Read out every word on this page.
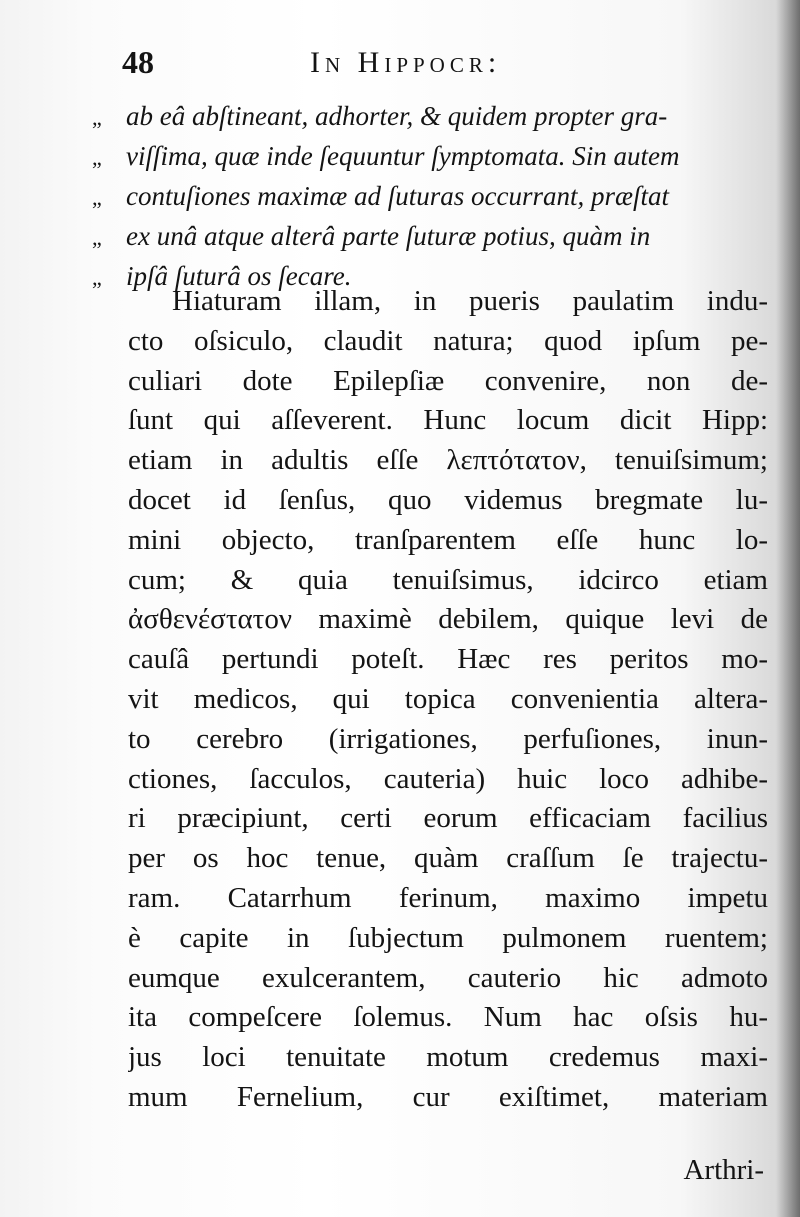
48	In Hippocr:
„ ab eâ abſtineant, adhorter, & quidem propter gra-
„ viſſima, quæ inde ſequuntur ſymptomata. Sin autem
„ contuſiones maximæ ad ſuturas occurrant, præſtat
„ ex unâ atque alterâ parte ſuturæ potius, quàm in
„ ipſâ ſuturâ os ſecare.
Hiaturam illam, in pueris paulatim indu-
cto oſsiculo, claudit natura; quod ipſum pe-
culiari dote Epilepſiæ convenire, non de-
ſunt qui aſſeverent. Hunc locum dicit Hipp:
etiam in adultis eſſe λεπτότατον, tenuiſsimum;
docet id ſenſus, quo videmus bregmate lu-
mini objecto, tranſparentem eſſe hunc lo-
cum; & quia tenuiſsimus, idcirco etiam
ἀσθενέστατον maximè debilem, quique levi de
cauſâ pertundi poteſt. Hæc res peritos mo-
vit medicos, qui topica convenientia altera-
to cerebro (irrigationes, perfuſiones, inun-
ctiones, ſacculos, cauteria) huic loco adhibe-
ri præcipiunt, certi eorum efficaciam facilius
per os hoc tenue, quàm craſſum ſe trajectu-
ram. Catarrhum ferinum, maximo impetu
è capite in ſubjectum pulmonem ruentem;
eumque exulcerantem, cauterio hic admoto
ita compeſcere ſolemus. Num hac oſsis hu-
jus loci tenuitate motum credemus maxi-
mum Fernelium, cur exiſtimet, materiam
Arthri-
